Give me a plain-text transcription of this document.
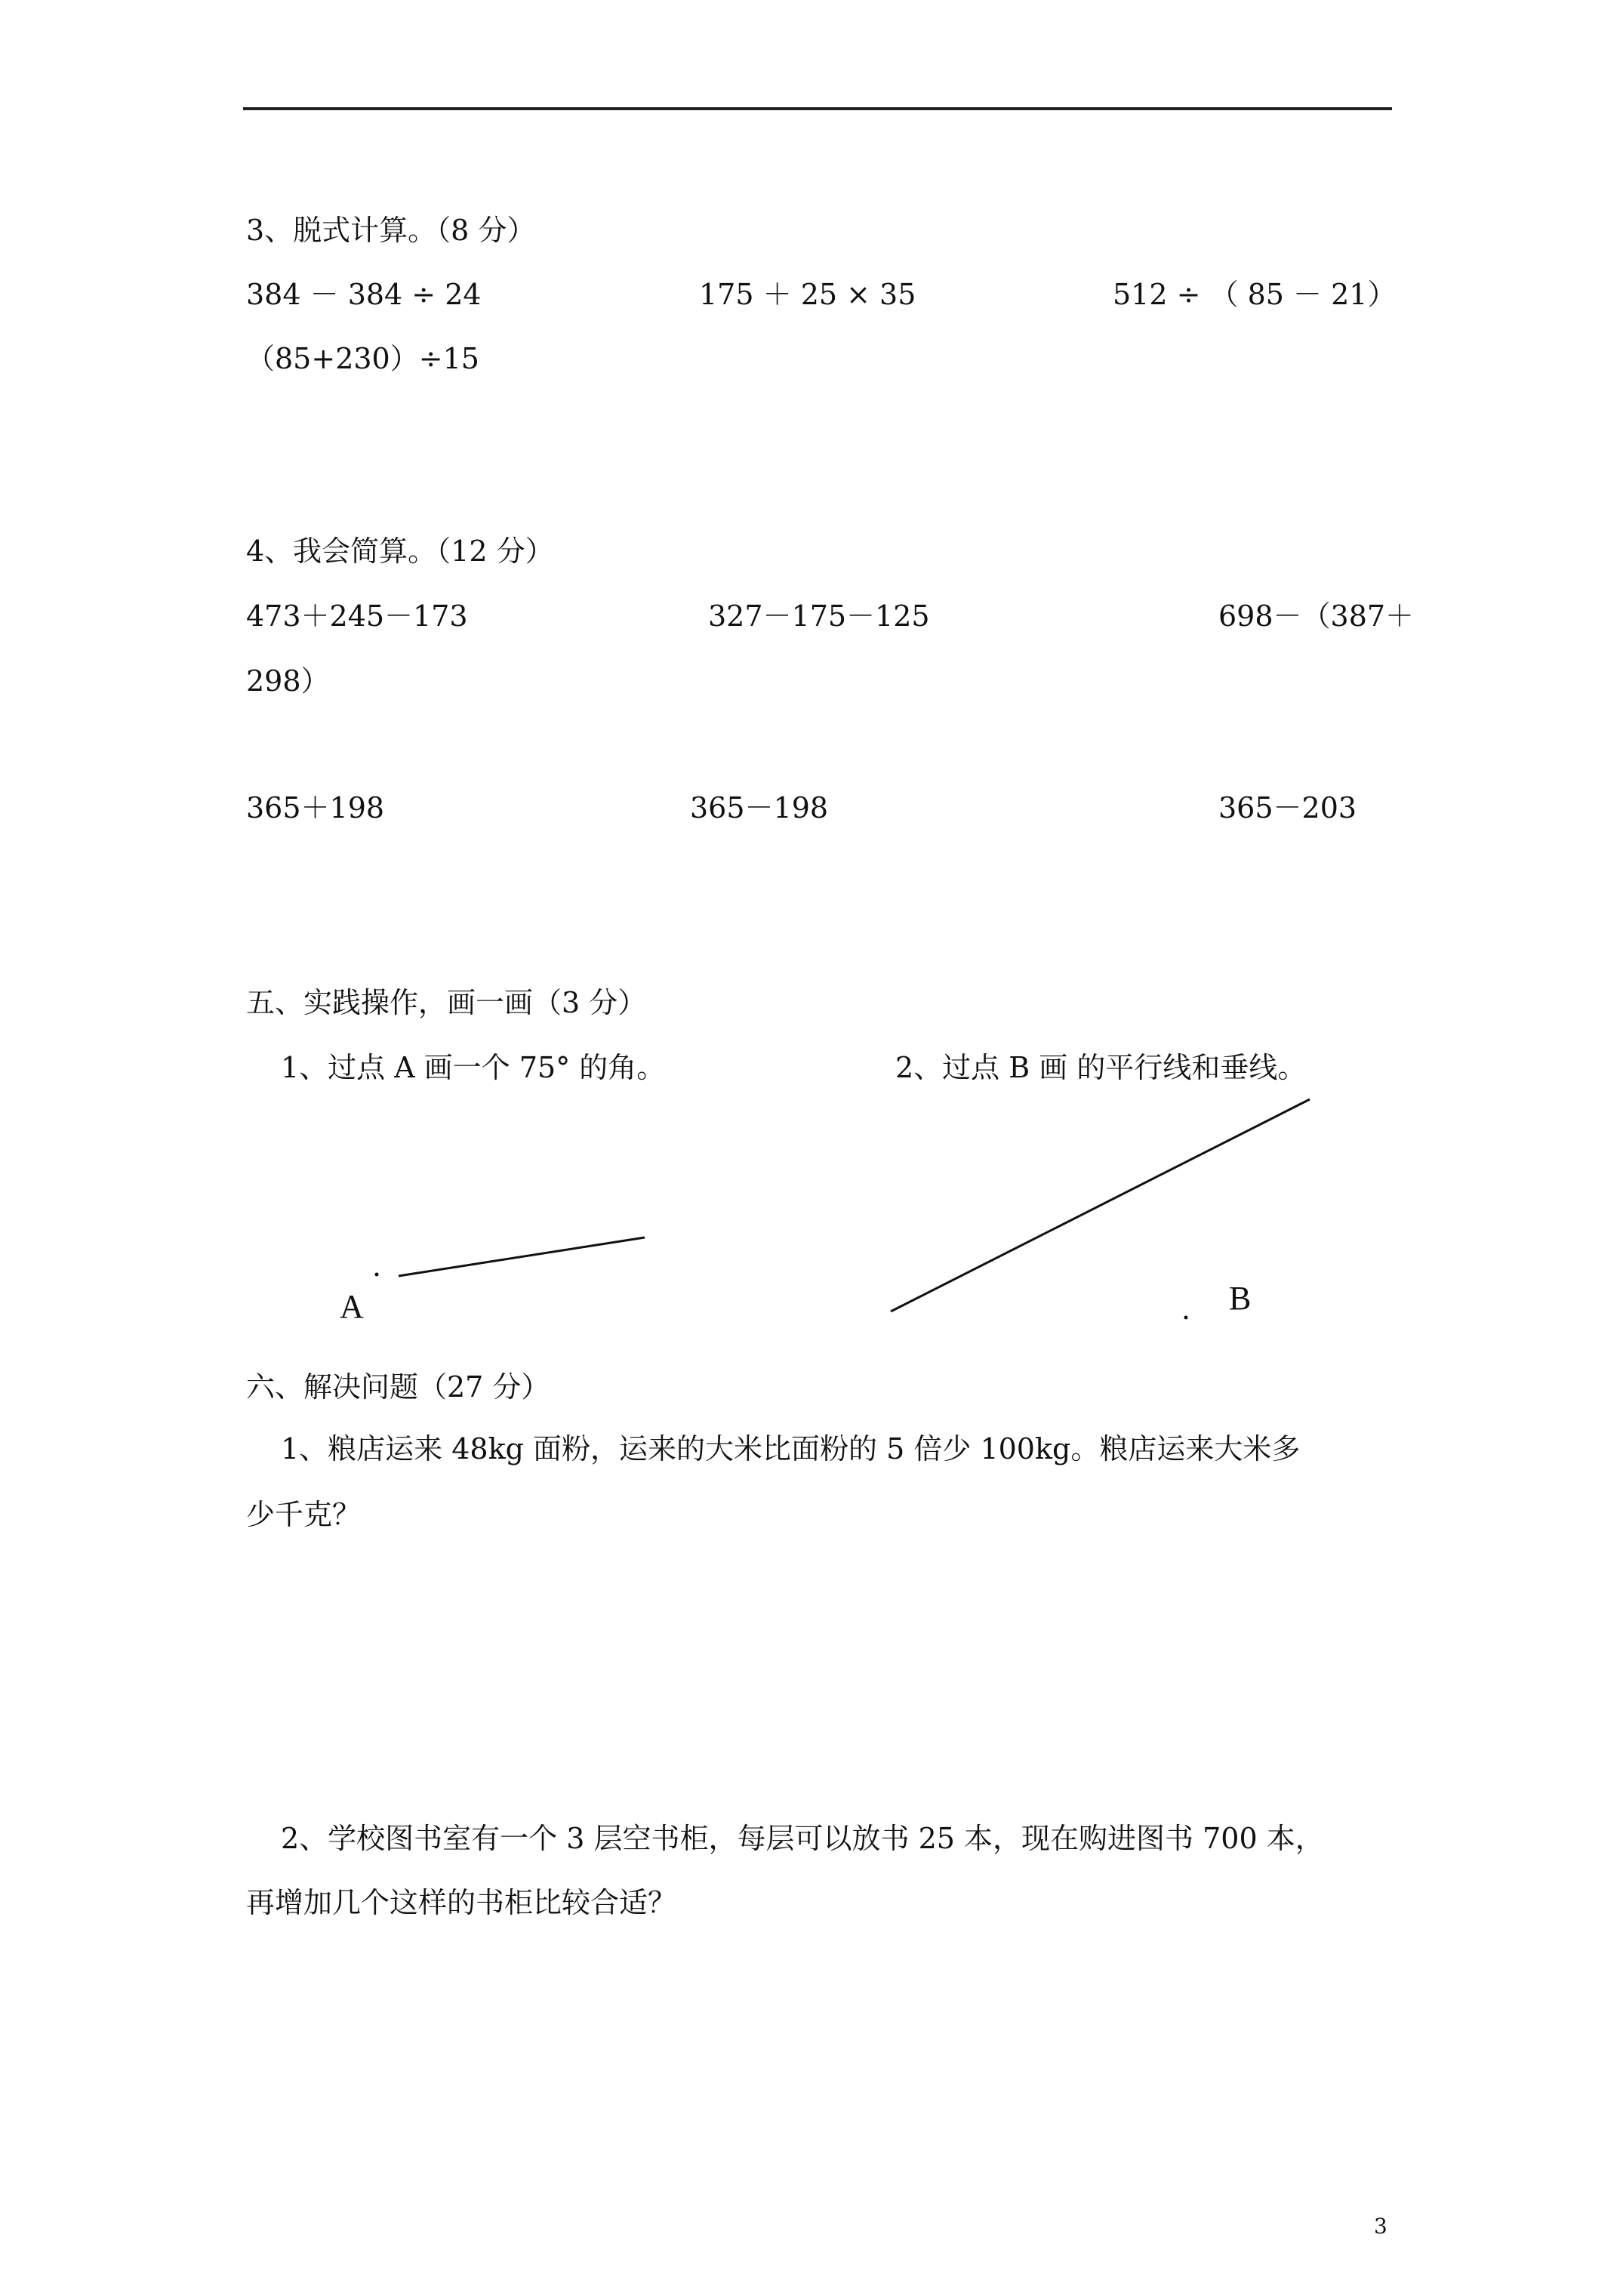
3、脱式计算。（8 分）
384 － 384 ÷ 24	175 ＋ 25 × 35	512 ÷ （ 85 － 21）
（85+230）÷15
4、我会简算。（12 分）
473＋245－173	327－175－125	698－（387＋
298）
365＋198	365－198	365－203
五、实践操作，画一画（3 分）
1、过点 A 画一个 75° 的角。	2、过点 B 画 的平行线和垂线。
A	B
六、解决问题（27 分）
1、粮店运来 48kg 面粉，运来的大米比面粉的 5 倍少 100kg。粮店运来大米多
少千克？
2、学校图书室有一个 3 层空书柜，每层可以放书 25 本，现在购进图书 700 本，
再增加几个这样的书柜比较合适？
3
